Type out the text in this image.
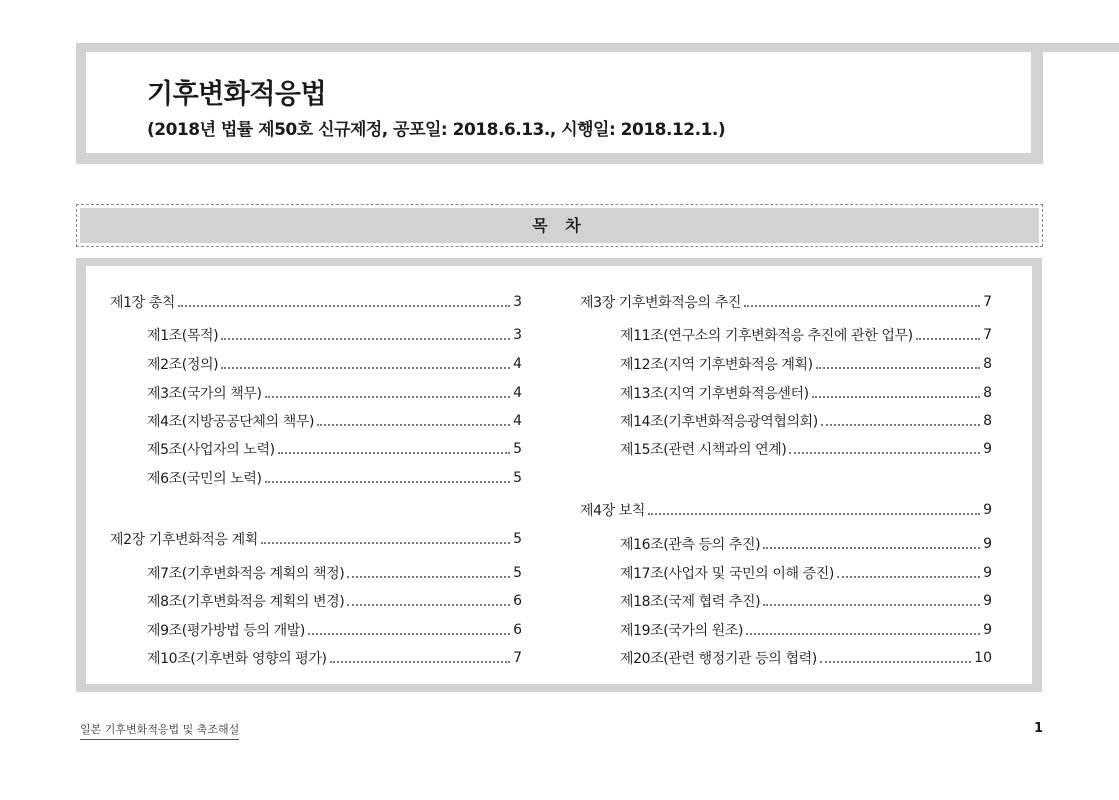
기후변화적응법
(2018년 법률 제50호 신규제정, 공포일: 2018.6.13., 시행일: 2018.12.1.)
목 차
제1장 총칙	3
제1조(목적)	3
제2조(정의)	4
제3조(국가의 책무)	4
제4조(지방공공단체의 책무)	4
제5조(사업자의 노력)	5
제6조(국민의 노력)	5
제2장 기후변화적응 계획	5
제7조(기후변화적응 계획의 책정)	5
제8조(기후변화적응 계획의 변경)	6
제9조(평가방법 등의 개발)	6
제10조(기후변화 영향의 평가)	7
제3장 기후변화적응의 추진	7
제11조(연구소의 기후변화적응 추진에 관한 업무)	7
제12조(지역 기후변화적응 계획)	8
제13조(지역 기후변화적응센터)	8
제14조(기후변화적응광역협의회)	8
제15조(관련 시책과의 연계)	9
제4장 보칙	9
제16조(관측 등의 추진)	9
제17조(사업자 및 국민의 이해 증진)	9
제18조(국제 협력 추진)	9
제19조(국가의 원조)	9
제20조(관련 행정기관 등의 협력)	10
일본 기후변화적응법 및 축조해설	1
